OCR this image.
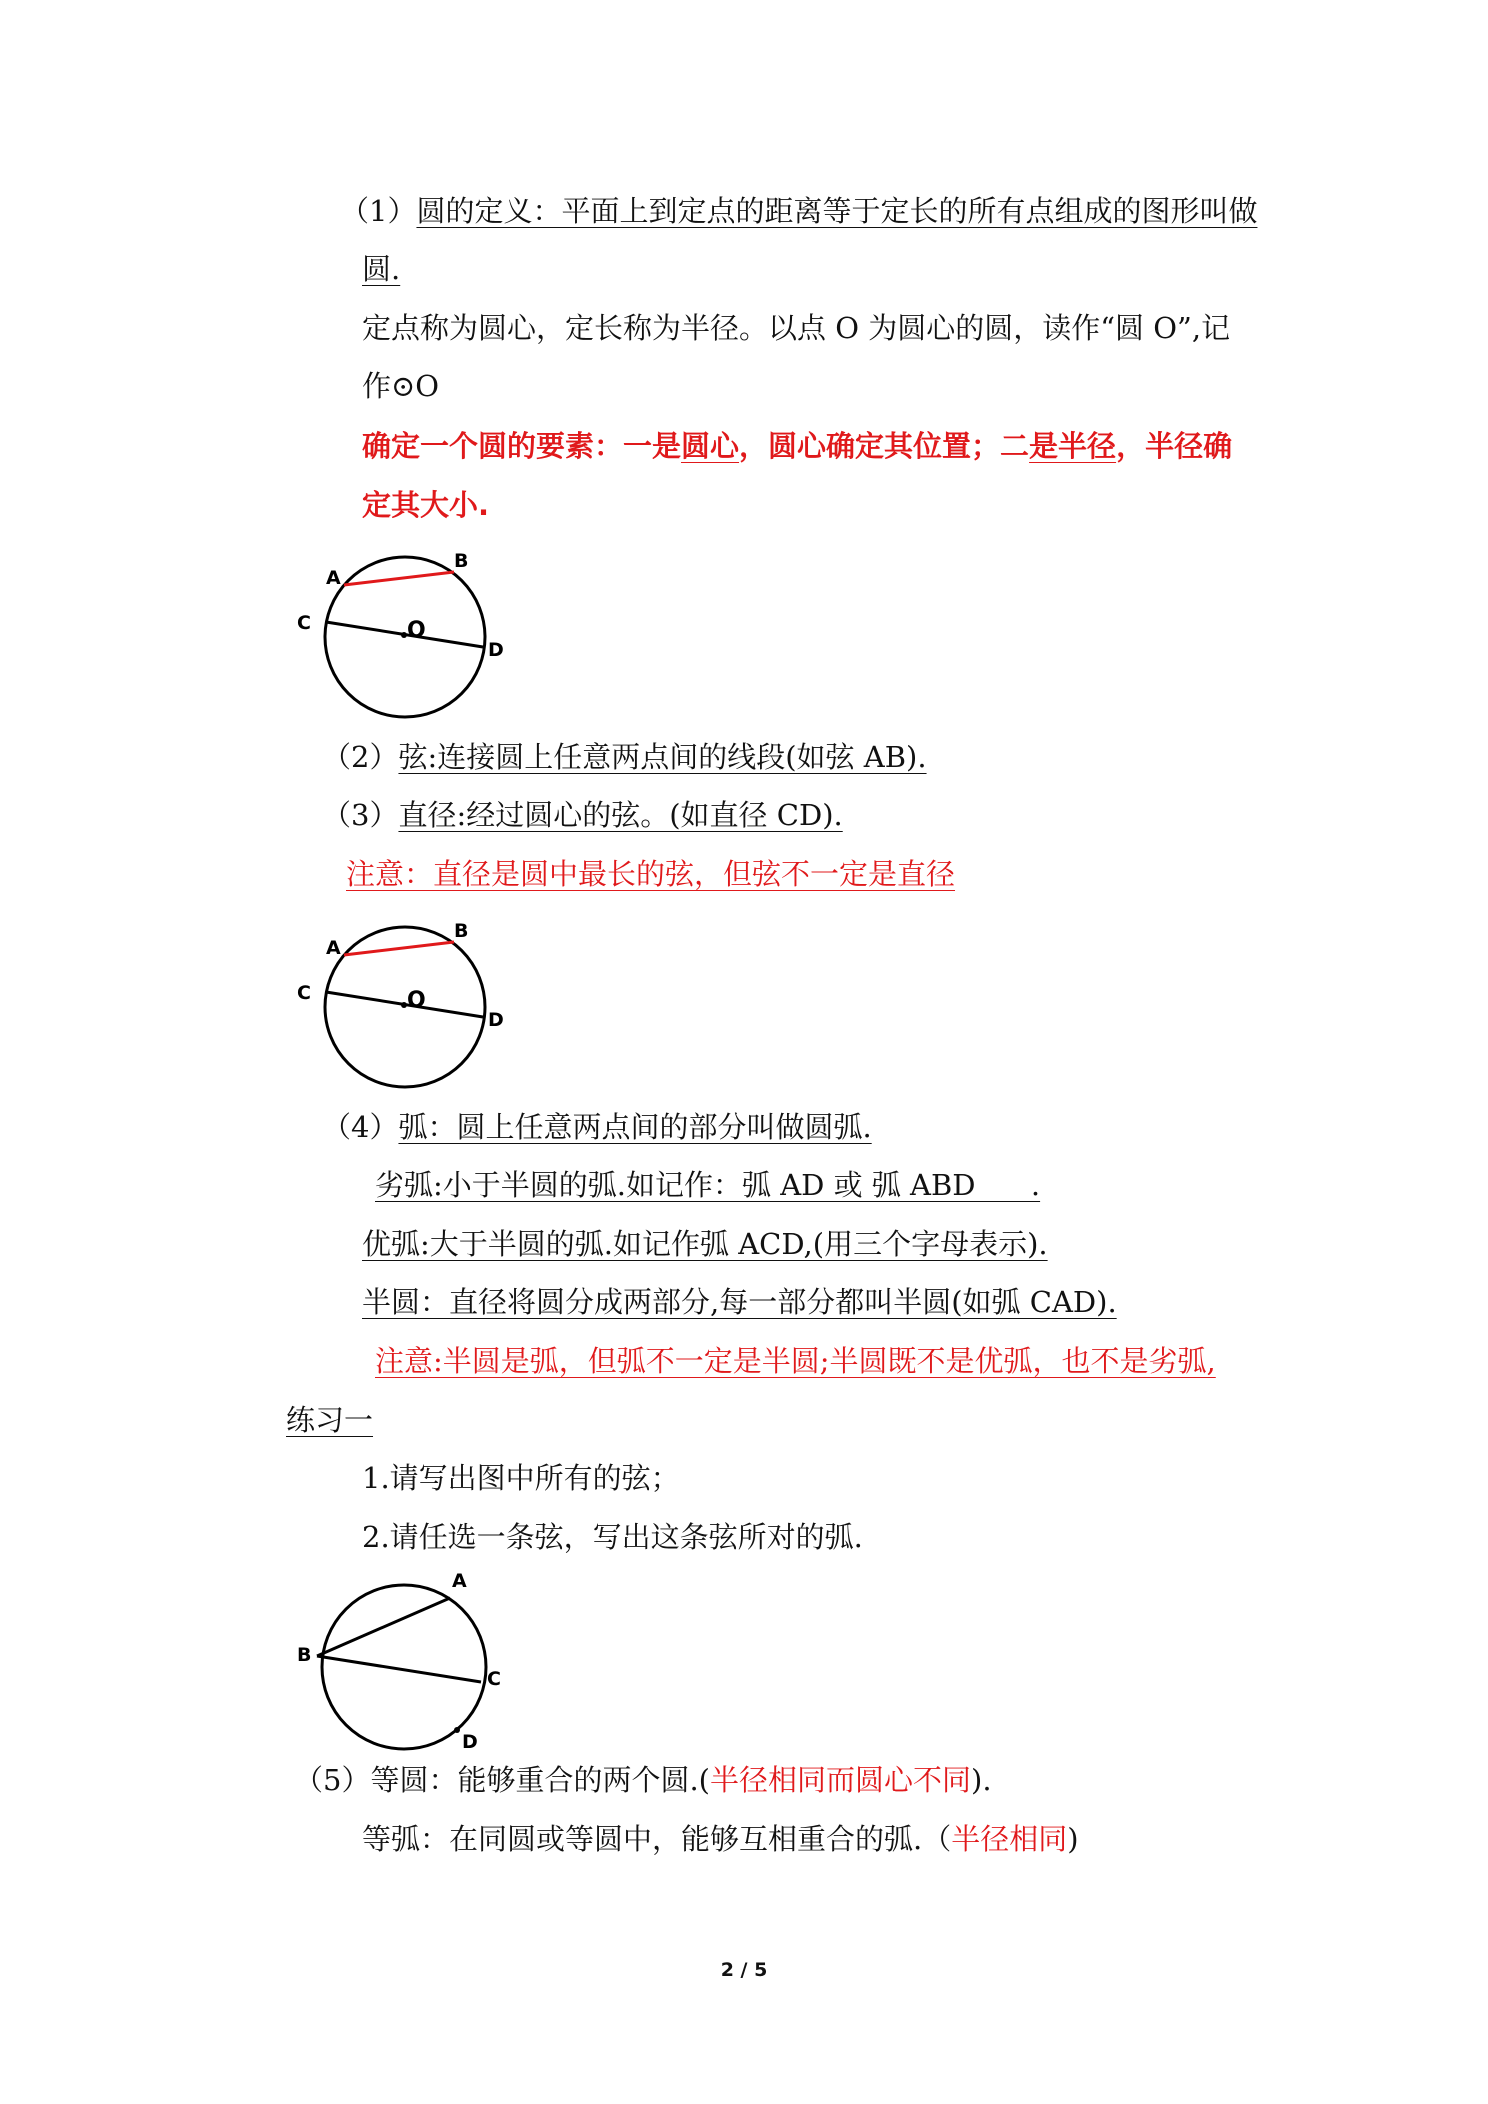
（1）圆的定义：平面上到定点的距离等于定长的所有点组成的图形叫做
圆.
定点称为圆心，定长称为半径。以点 O 为圆心的圆，读作“圆 O”,记
作⊙O
确定一个圆的要素：一是圆心，圆心确定其位置；二是半径，半径确
定其大小.
A
B
C
D
O
（2）弦:连接圆上任意两点间的线段(如弦 AB).
（3）直径:经过圆心的弦。(如直径 CD).
注意：直径是圆中最长的弦，但弦不一定是直径
A
B
C
D
O
（4）弧：圆上任意两点间的部分叫做圆弧.
劣弧:小于半圆的弧.如记作：弧 AD 或 弧 ABD      .
优弧:大于半圆的弧.如记作弧 ACD,(用三个字母表示).
半圆：直径将圆分成两部分,每一部分都叫半圆(如弧 CAD).
注意:半圆是弧，但弧不一定是半圆;半圆既不是优弧，也不是劣弧,
练习一
1.请写出图中所有的弦；
2.请任选一条弦，写出这条弦所对的弧.
A
B
C
D
（5）等圆：能够重合的两个圆.(半径相同而圆心不同).
等弧：在同圆或等圆中，能够互相重合的弧.（半径相同)
2 / 5
